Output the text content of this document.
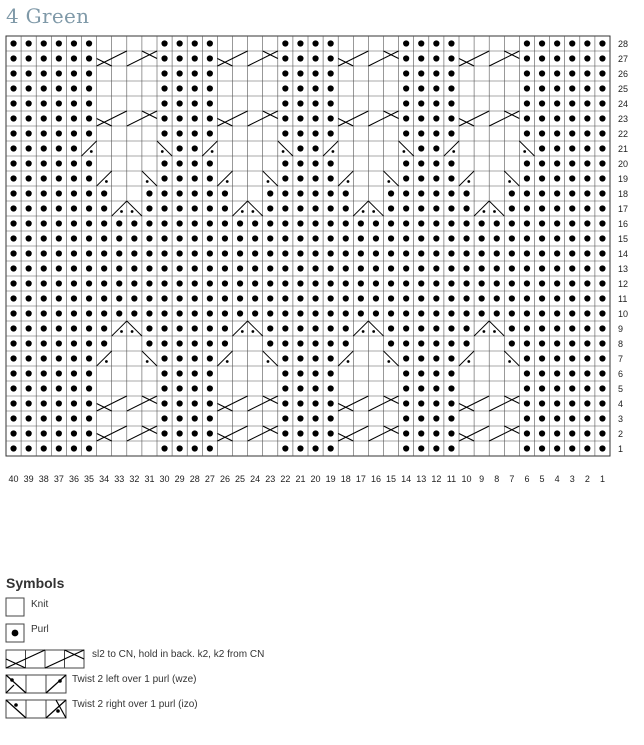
4 Green
28
27
26
25
24
23
22
21
20
19
18
17
16
15
14
13
12
11
10
9
8
7
6
5
4
3
2
1
40 39 38 37 36 35 34 33 32 31 30 29 28 27 26 25 24 23 22 21 20 19 18 17 16 15 14 13 12 11 10 9 8 7 6 5 4 3 2 1
Symbols
Knit
Purl
sl2 to CN, hold in back. k2, k2 from CN
Twist 2 left over 1 purl (wze)
Twist 2 right over 1 purl (izo)
